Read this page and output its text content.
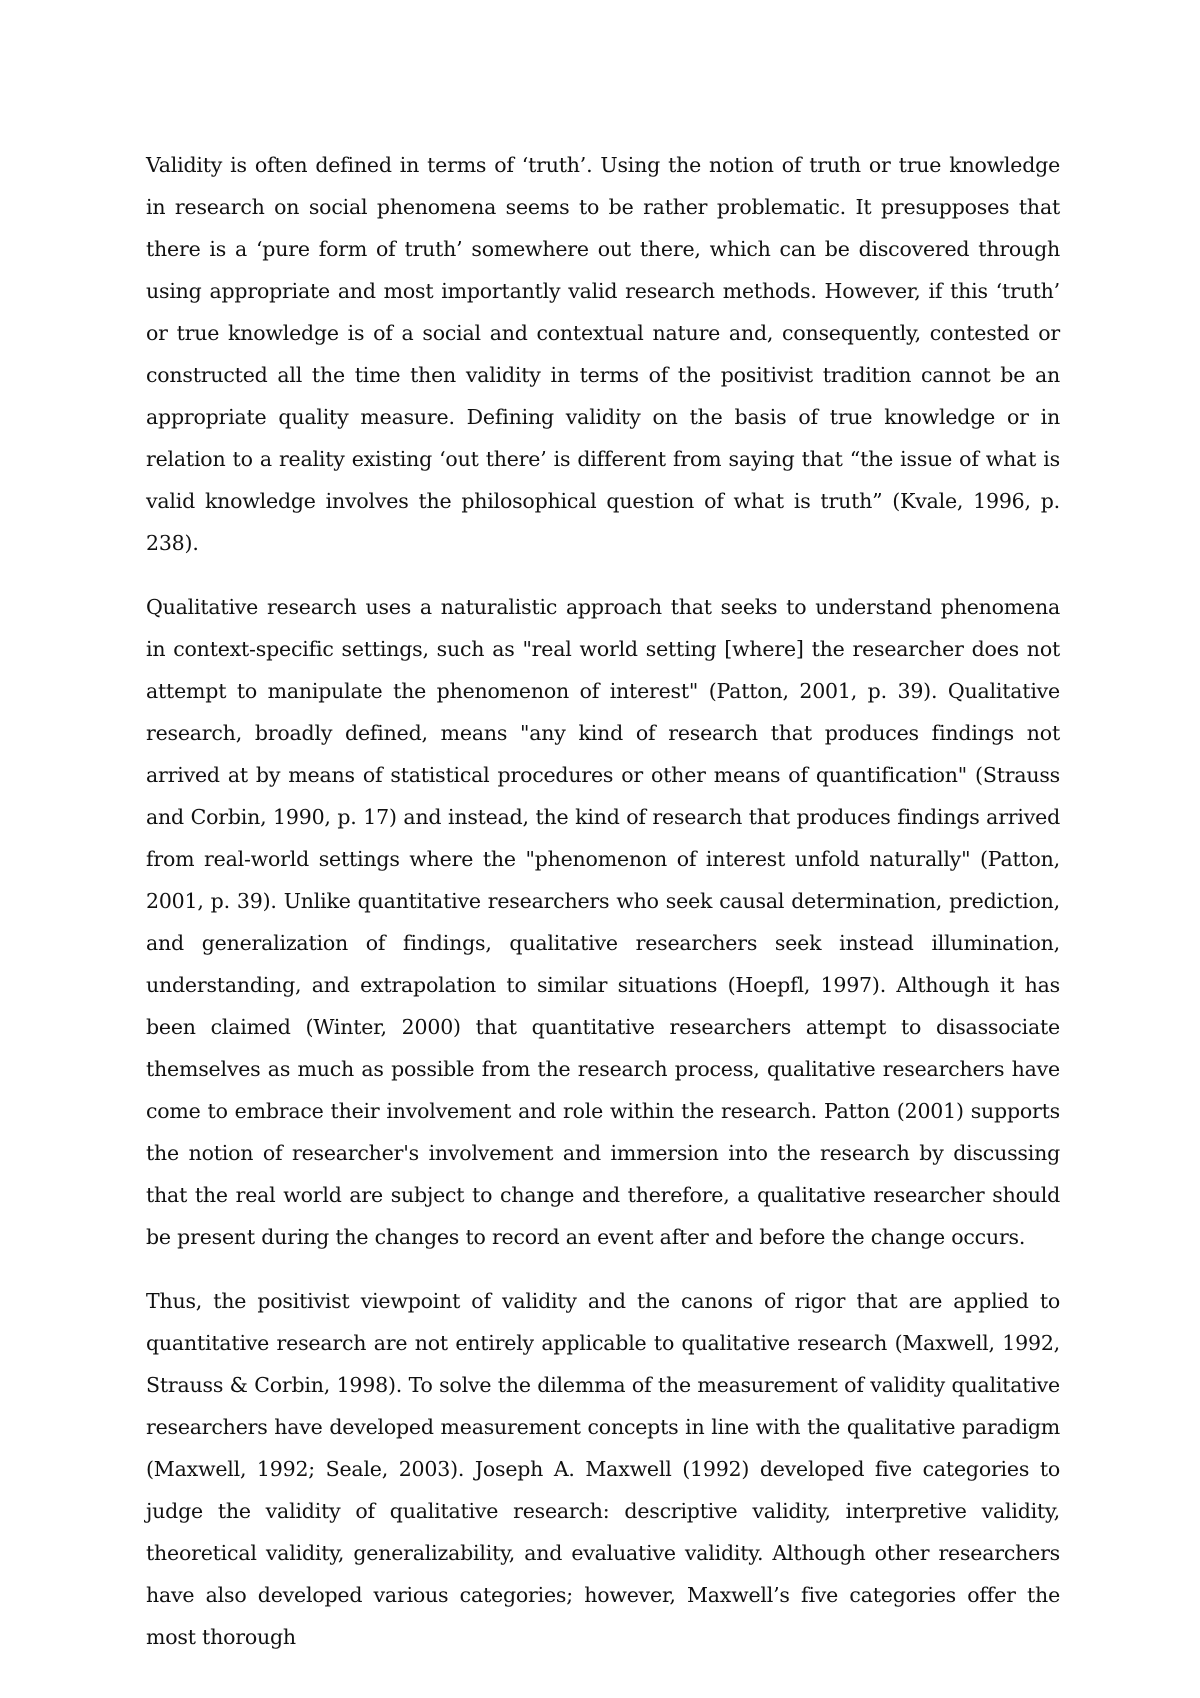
Validity is often defined in terms of ‘truth’. Using the notion of truth or true knowledge in research on social phenomena seems to be rather problematic. It presupposes that there is a ‘pure form of truth’ somewhere out there, which can be discovered through using appropriate and most importantly valid research methods. However, if this ‘truth’ or true knowledge is of a social and contextual nature and, consequently, contested or constructed all the time then validity in terms of the positivist tradition cannot be an appropriate quality measure. Defining validity on the basis of true knowledge or in relation to a reality existing ‘out there’ is different from saying that “the issue of what is valid knowledge involves the philosophical question of what is truth” (Kvale, 1996, p. 238).

Qualitative research uses a naturalistic approach that seeks to understand phenomena in context-specific settings, such as "real world setting [where] the researcher does not attempt to manipulate the phenomenon of interest" (Patton, 2001, p. 39). Qualitative research, broadly defined, means "any kind of research that produces findings not arrived at by means of statistical procedures or other means of quantification" (Strauss and Corbin, 1990, p. 17) and instead, the kind of research that produces findings arrived from real-world settings where the "phenomenon of interest unfold naturally" (Patton, 2001, p. 39). Unlike quantitative researchers who seek causal determination, prediction, and generalization of findings, qualitative researchers seek instead illumination, understanding, and extrapolation to similar situations (Hoepfl, 1997). Although it has been claimed (Winter, 2000) that quantitative researchers attempt to disassociate themselves as much as possible from the research process, qualitative researchers have come to embrace their involvement and role within the research. Patton (2001) supports the notion of researcher's involvement and immersion into the research by discussing that the real world are subject to change and therefore, a qualitative researcher should be present during the changes to record an event after and before the change occurs.

Thus, the positivist viewpoint of validity and the canons of rigor that are applied to quantitative research are not entirely applicable to qualitative research (Maxwell, 1992, Strauss & Corbin, 1998). To solve the dilemma of the measurement of validity qualitative researchers have developed measurement concepts in line with the qualitative paradigm (Maxwell, 1992; Seale, 2003). Joseph A. Maxwell (1992) developed five categories to judge the validity of qualitative research: descriptive validity, interpretive validity, theoretical validity, generalizability, and evaluative validity. Although other researchers have also developed various categories; however, Maxwell’s five categories offer the most thorough
